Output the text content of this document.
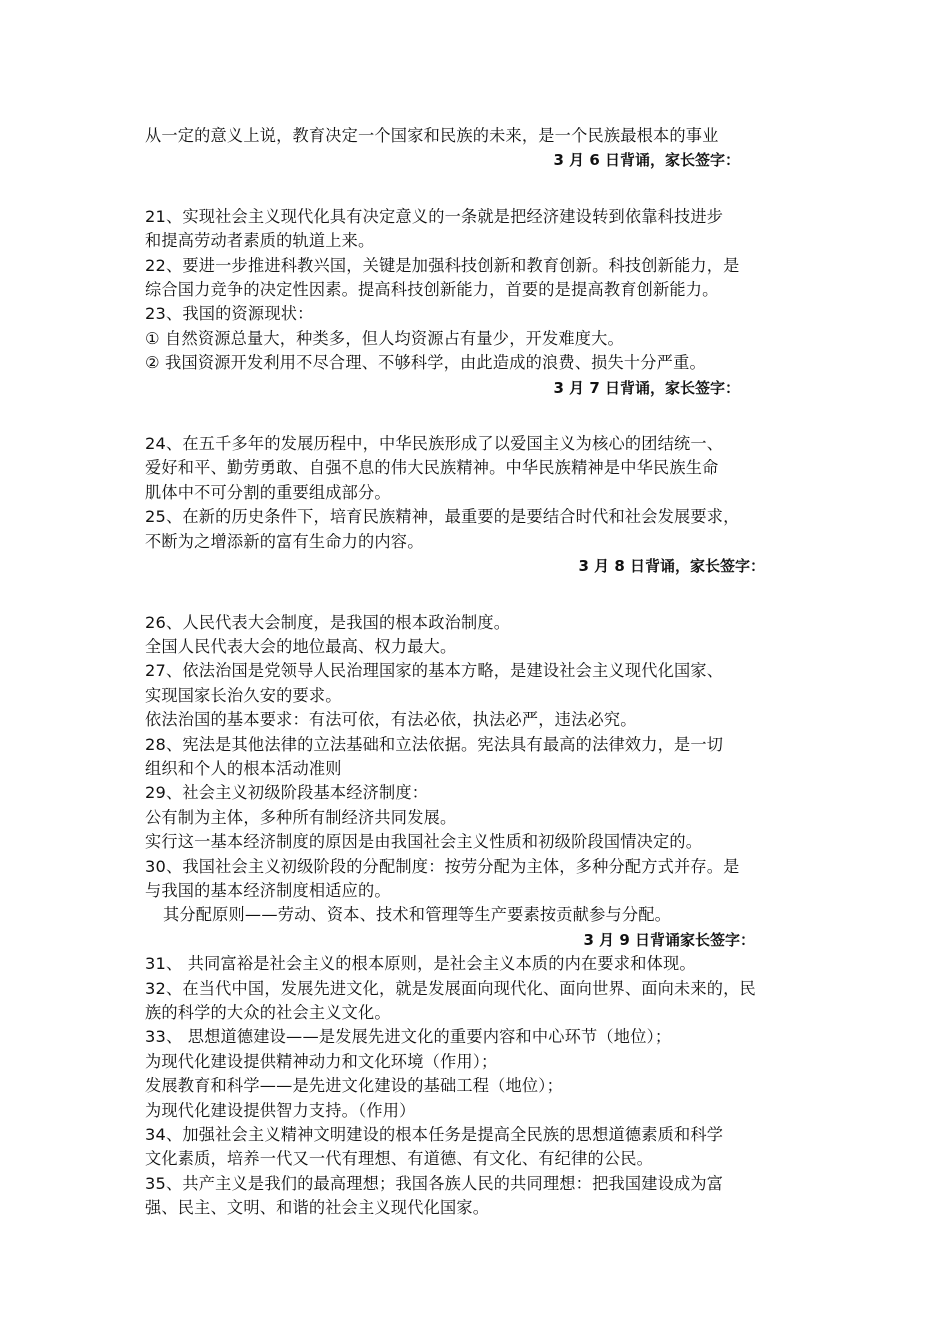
从一定的意义上说，教育决定一个国家和民族的未来，是一个民族最根本的事业
3 月 6 日背诵，家长签字：
21、实现社会主义现代化具有决定意义的一条就是把经济建设转到依靠科技进步
和提高劳动者素质的轨道上来。
22、要进一步推进科教兴国，关键是加强科技创新和教育创新。科技创新能力，是
综合国力竞争的决定性因素。提高科技创新能力，首要的是提高教育创新能力。
23、我国的资源现状：
① 自然资源总量大，种类多，但人均资源占有量少，开发难度大。
② 我国资源开发利用不尽合理、不够科学，由此造成的浪费、损失十分严重。
3 月 7 日背诵，家长签字：
24、在五千多年的发展历程中，中华民族形成了以爱国主义为核心的团结统一、
爱好和平、勤劳勇敢、自强不息的伟大民族精神。中华民族精神是中华民族生命
肌体中不可分割的重要组成部分。
25、在新的历史条件下，培育民族精神，最重要的是要结合时代和社会发展要求，
不断为之增添新的富有生命力的内容。
3 月 8 日背诵，家长签字：
26、人民代表大会制度，是我国的根本政治制度。
全国人民代表大会的地位最高、权力最大。
27、依法治国是党领导人民治理国家的基本方略，是建设社会主义现代化国家、
实现国家长治久安的要求。
依法治国的基本要求：有法可依，有法必依，执法必严，违法必究。
28、宪法是其他法律的立法基础和立法依据。宪法具有最高的法律效力，是一切
组织和个人的根本活动准则
29、社会主义初级阶段基本经济制度：
公有制为主体，多种所有制经济共同发展。
实行这一基本经济制度的原因是由我国社会主义性质和初级阶段国情决定的。
30、我国社会主义初级阶段的分配制度：按劳分配为主体，多种分配方式并存。是
与我国的基本经济制度相适应的。
其分配原则——劳动、资本、技术和管理等生产要素按贡献参与分配。
3 月 9 日背诵家长签字：
31、 共同富裕是社会主义的根本原则，是社会主义本质的内在要求和体现。
32、在当代中国，发展先进文化，就是发展面向现代化、面向世界、面向未来的，民
族的科学的大众的社会主义文化。
33、 思想道德建设——是发展先进文化的重要内容和中心环节（地位）；
为现代化建设提供精神动力和文化环境（作用）；
发展教育和科学——是先进文化建设的基础工程（地位）；
为现代化建设提供智力支持。（作用）
34、加强社会主义精神文明建设的根本任务是提高全民族的思想道德素质和科学
文化素质，培养一代又一代有理想、有道德、有文化、有纪律的公民。
35、共产主义是我们的最高理想；我国各族人民的共同理想：把我国建设成为富
强、民主、文明、和谐的社会主义现代化国家。
